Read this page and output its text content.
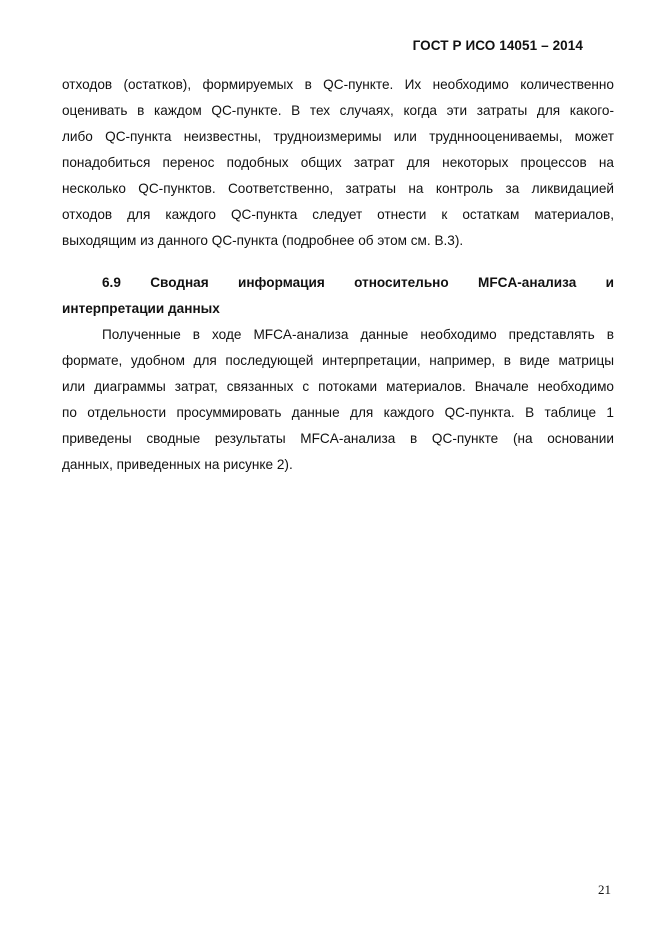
ГОСТ Р ИСО 14051 – 2014
отходов (остатков), формируемых в QC-пункте. Их необходимо количественно
оценивать в каждом QC-пункте. В тех случаях, когда эти затраты для какого-
либо QC-пункта неизвестны, трудноизмеримы или трудннооцениваемы, может
понадобиться перенос подобных общих затрат для некоторых процессов на
несколько QC-пунктов. Соответственно, затраты на контроль за ликвидацией
отходов для каждого QC-пункта следует отнести к остаткам материалов,
выходящим из данного QC-пункта (подробнее об этом см. В.3).
6.9 Сводная информация относительно MFCA-анализа и
интерпретации данных
Полученные в ходе MFCA-анализа данные необходимо представлять в
формате, удобном для последующей интерпретации, например, в виде матрицы
или диаграммы затрат, связанных с потоками материалов. Вначале необходимо
по отдельности просуммировать данные для каждого QC-пункта. В таблице 1
приведены сводные результаты MFCA-анализа в QC-пункте (на основании
данных, приведенных на рисунке 2).
21
